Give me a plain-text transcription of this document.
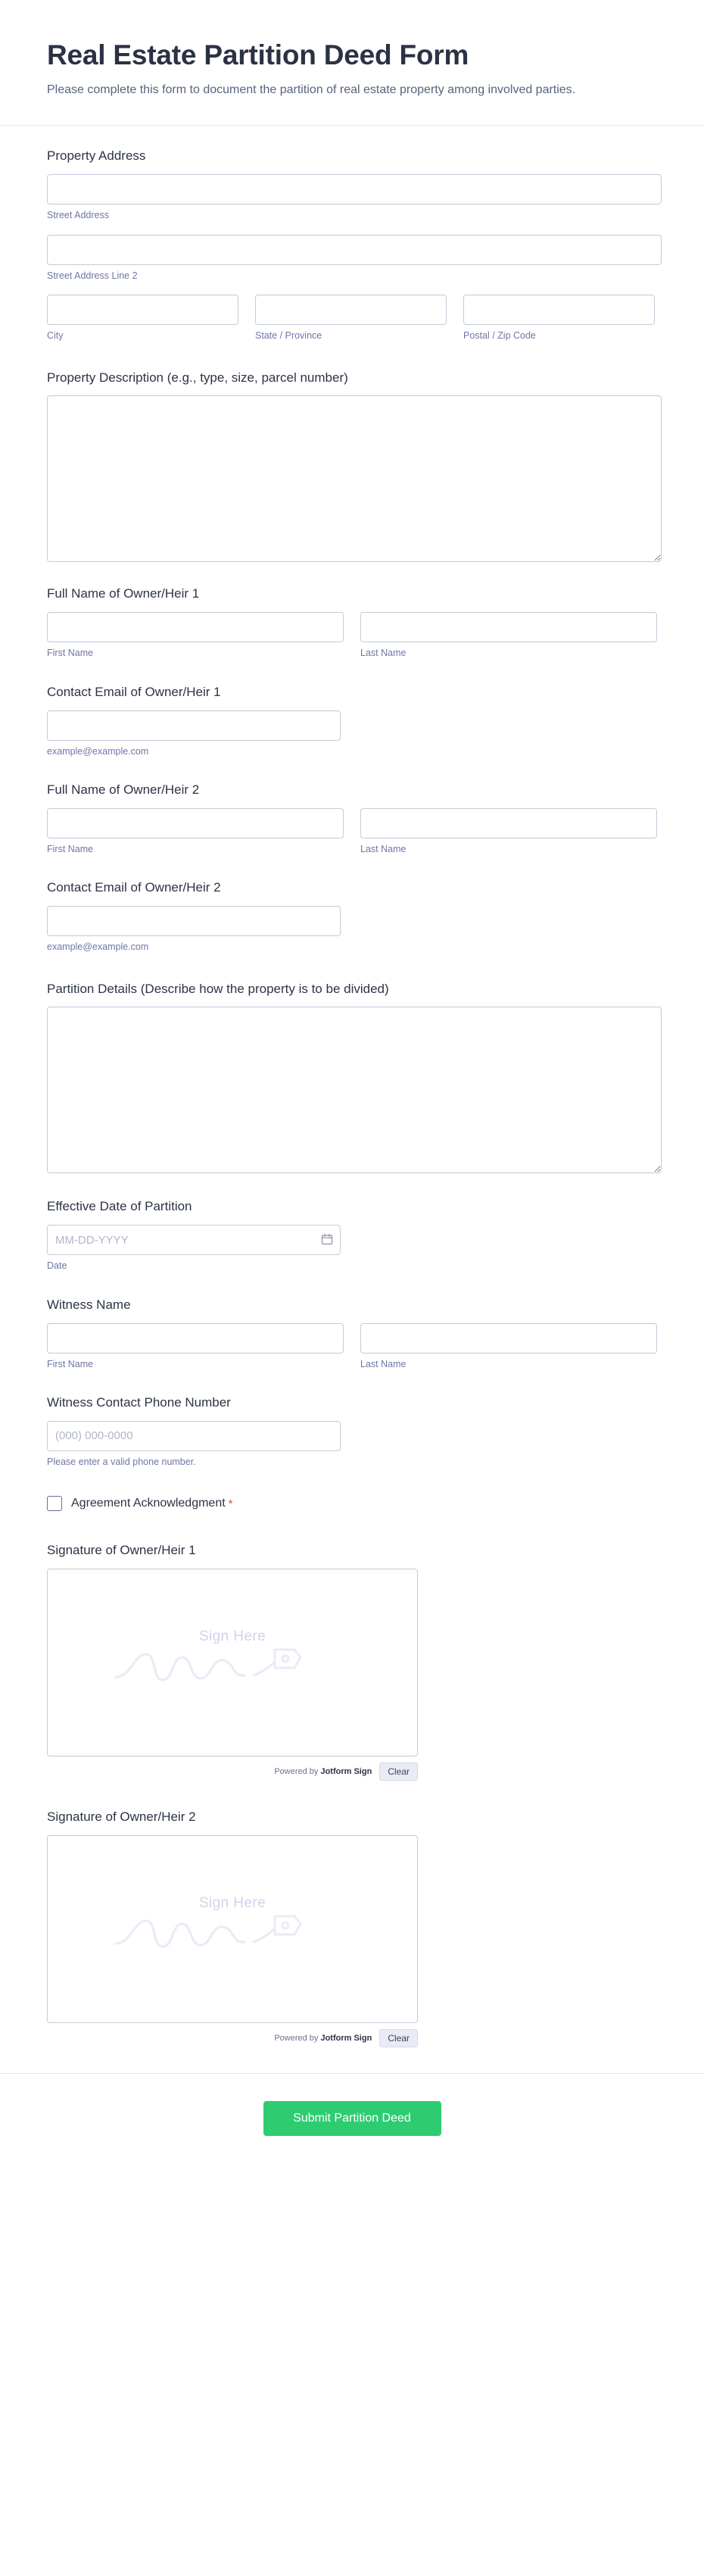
Real Estate Partition Deed Form

Please complete this form to document the partition of real estate property among involved parties.

Property Address
Street Address
Street Address Line 2
City	State / Province	Postal / Zip Code
Property Description (e.g., type, size, parcel number)
Full Name of Owner/Heir 1
First Name	Last Name
Contact Email of Owner/Heir 1
example@example.com
Full Name of Owner/Heir 2
First Name	Last Name
Contact Email of Owner/Heir 2
example@example.com
Partition Details (Describe how the property is to be divided)
Effective Date of Partition
MM-DD-YYYY
Date
Witness Name
First Name	Last Name
Witness Contact Phone Number
(000) 000-0000
Please enter a valid phone number.
Agreement Acknowledgment *
Signature of Owner/Heir 1
Sign Here
Powered by Jotform Sign	Clear
Signature of Owner/Heir 2
Sign Here
Powered by Jotform Sign	Clear
Submit Partition Deed
